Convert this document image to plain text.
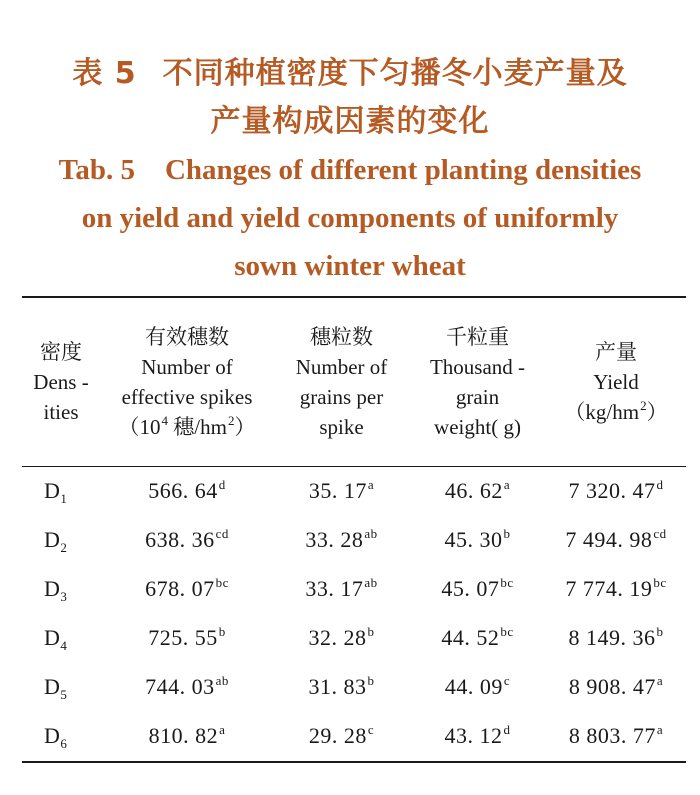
表 5 不同种植密度下匀播冬小麦产量及
产量构成因素的变化
Tab. 5 Changes of different planting densities
on yield and yield components of uniformly
sown winter wheat
密度
Dens -
ities	有效穗数
Number of
effective spikes
（$10^4$ 穗$/hm^2$）	穗粒数
Number of
grains per
spike	千粒重
Thousand -
grain
weight( g)	产量
Yield
$(kg/hm^2)$

$D_1$	566. 64$^d$	35. 17$^a$	46. 62$^a$	7 320. 47$^d$
$D_2$	638. $36^{cd}$	33. $28^{ab}$	45. 30$^b$	7 494. $98^{cd}$
$D_3$	678. $07^{bc}$	33. $17^{ab}$	45. $07^{bc}$	7 774. $19^{bc}$
$D_4$	725. 55$^b$	32. 28$^b$	44. $52^{bc}$	8 149. 36$^b$
$D_5$	744. $03^{ab}$	31. 83$^b$	44. 09$^c$	8 908. 47$^a$
$D_6$	810. 82$^a$	29. 28$^c$	43. 12$^d$	8 803. 77$^a$
